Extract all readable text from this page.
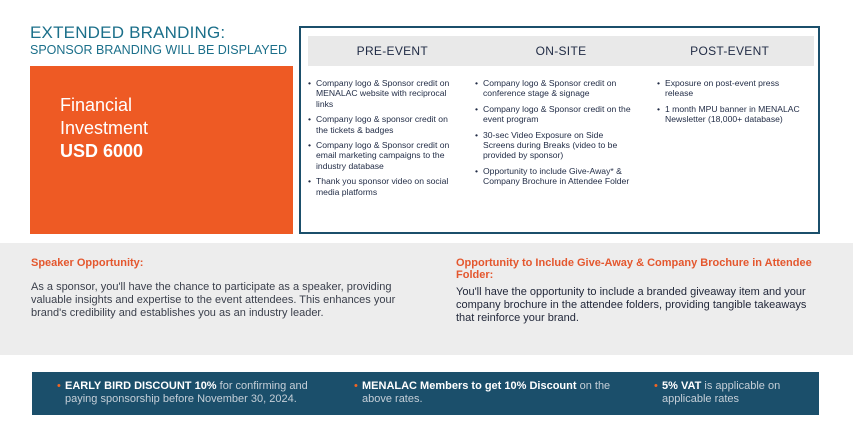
EXTENDED BRANDING:
SPONSOR BRANDING WILL BE DISPLAYED
Financial
Investment
USD 6000
PRE-EVENT	ON-SITE	POST-EVENT
• Company logo & Sponsor credit on MENALAC website with reciprocal links
• Company logo & sponsor credit on the tickets & badges
• Company logo & Sponsor credit on email marketing campaigns to the industry database
• Thank you sponsor video on social media platforms
• Company logo & Sponsor credit on conference stage & signage
• Company logo & Sponsor credit on the event program
• 30-sec Video Exposure on Side Screens during Breaks (video to be provided by sponsor)
• Opportunity to include Give-Away* & Company Brochure in Attendee Folder
• Exposure on post-event press release
• 1 month MPU banner in MENALAC Newsletter (18,000+ database)
Speaker Opportunity:
As a sponsor, you'll have the chance to participate as a speaker, providing valuable insights and expertise to the event attendees. This enhances your brand's credibility and establishes you as an industry leader.
Opportunity to Include Give-Away & Company Brochure in Attendee Folder:
You'll have the opportunity to include a branded giveaway item and your company brochure in the attendee folders, providing tangible takeaways that reinforce your brand.
• EARLY BIRD DISCOUNT 10% for confirming and paying sponsorship before November 30, 2024.
• MENALAC Members to get 10% Discount on the above rates.
• 5% VAT is applicable on applicable rates
